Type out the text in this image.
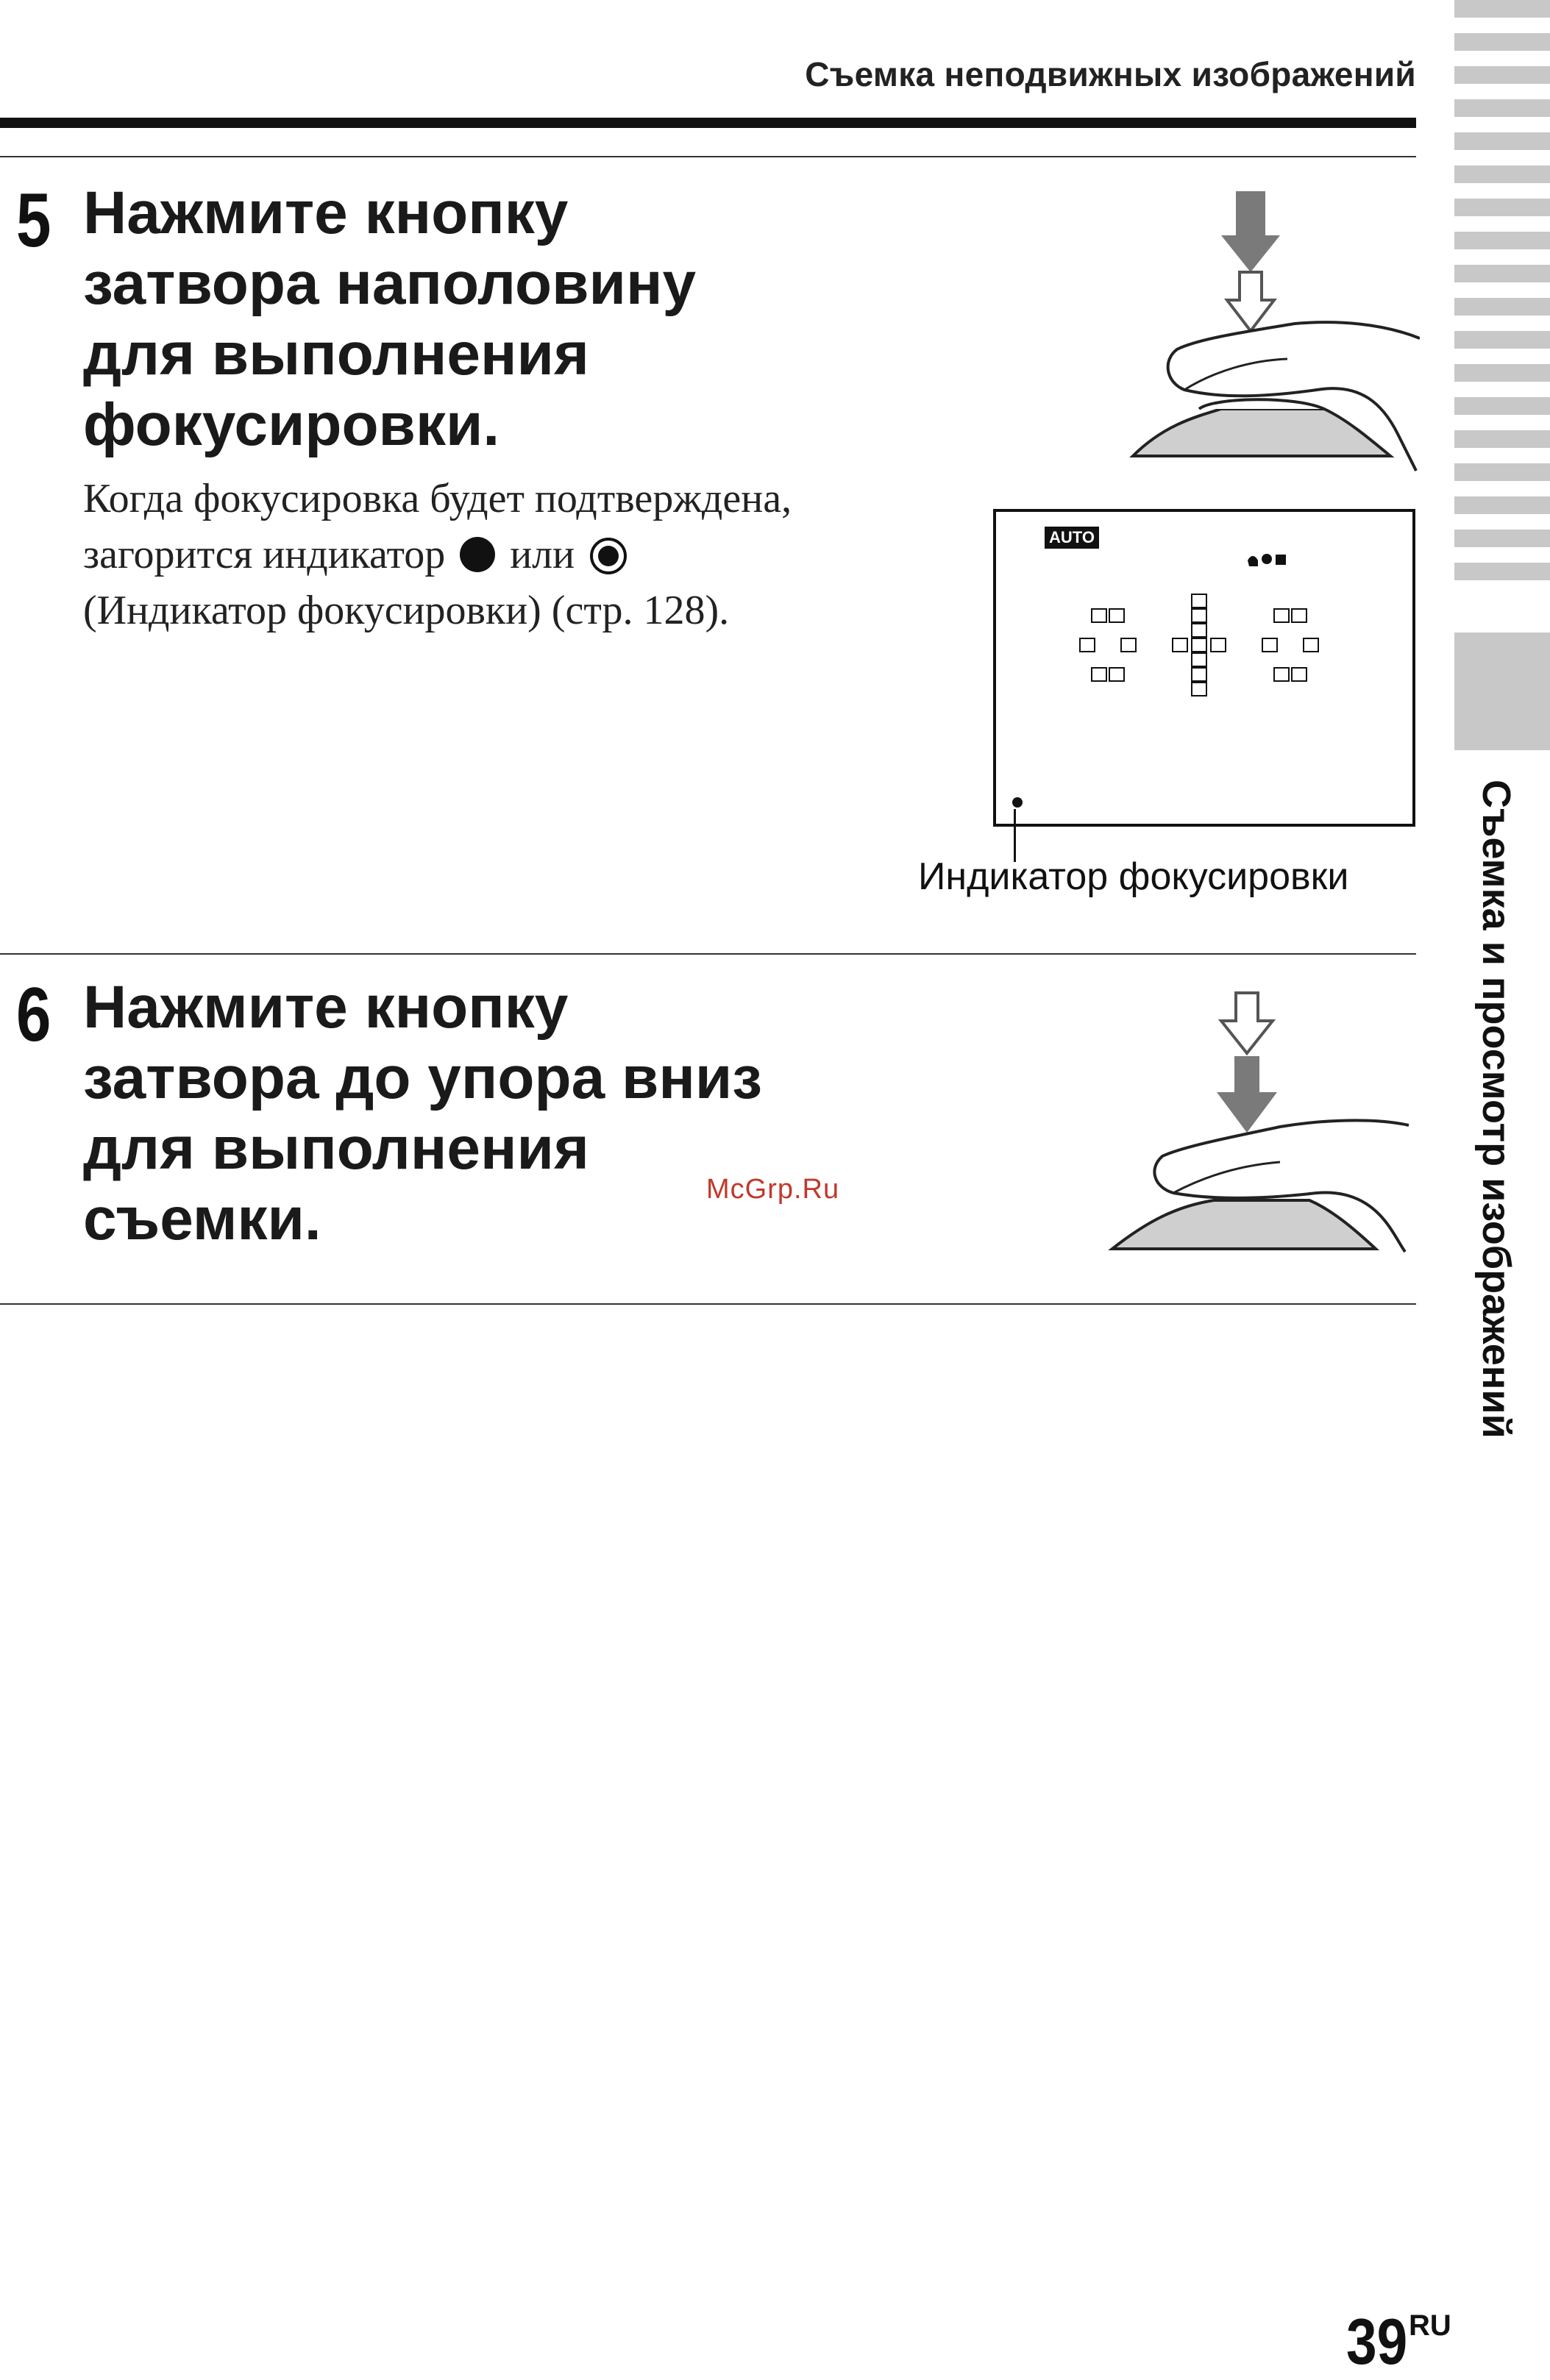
Съемка и просмотр изображений
Съемка неподвижных изображений
5 Нажмите кнопку
затвора наполовину
для выполнения
фокусировки.
Когда фокусировка будет подтверждена, загорится индикатор или  (Индикатор фокусировки) (стр. 128).
AUTO
Индикатор фокусировки
6 Нажмите кнопку
затвора до упора вниз
для выполнения
съемки.	McGrp.Ru
39 RU
